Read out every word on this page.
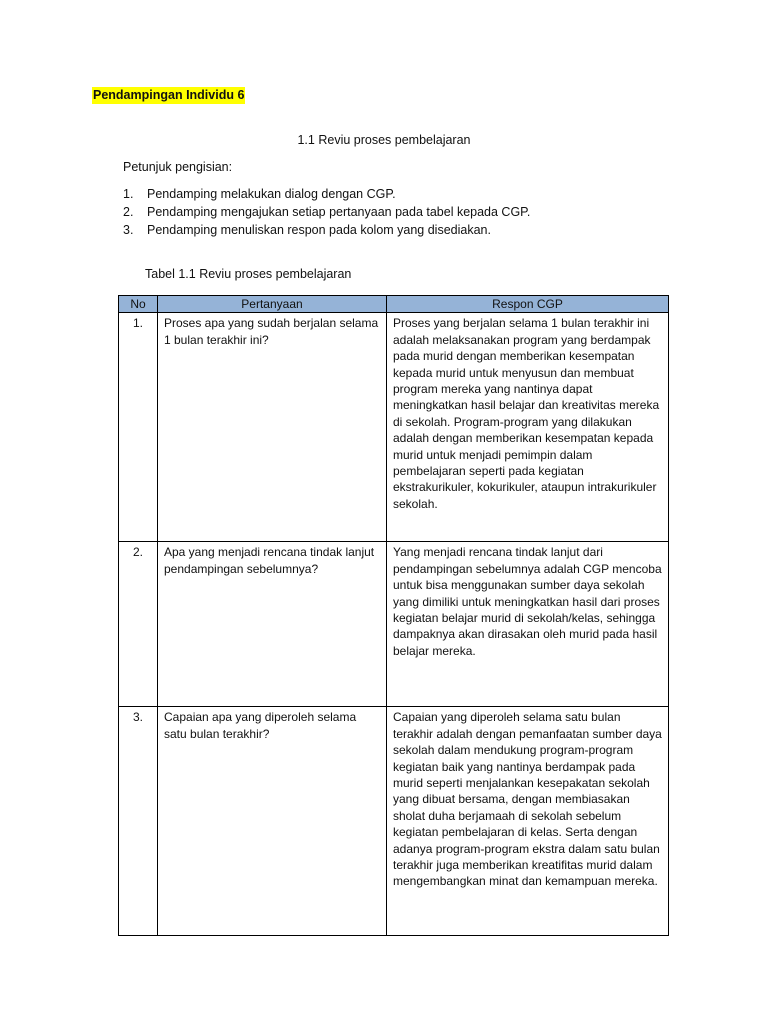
Pendampingan Individu 6
1.1 Reviu proses pembelajaran
Petunjuk pengisian:
1. Pendamping melakukan dialog dengan CGP.
2. Pendamping mengajukan setiap pertanyaan pada tabel kepada CGP.
3. Pendamping menuliskan respon pada kolom yang disediakan.
Tabel 1.1 Reviu proses pembelajaran
No	Pertanyaan	Respon CGP
1.	Proses apa yang sudah berjalan selama 1 bulan terakhir ini?	Proses yang berjalan selama 1 bulan terakhir ini adalah melaksanakan program yang berdampak pada murid dengan memberikan kesempatan kepada murid untuk menyusun dan membuat program mereka yang nantinya dapat meningkatkan hasil belajar dan kreativitas mereka di sekolah. Program-program yang dilakukan adalah dengan memberikan kesempatan kepada murid untuk menjadi pemimpin dalam pembelajaran seperti pada kegiatan ekstrakurikuler, kokurikuler, ataupun intrakurikuler sekolah.
2.	Apa yang menjadi rencana tindak lanjut pendampingan sebelumnya?	Yang menjadi rencana tindak lanjut dari pendampingan sebelumnya adalah CGP mencoba untuk bisa menggunakan sumber daya sekolah yang dimiliki untuk meningkatkan hasil dari proses kegiatan belajar murid di sekolah/kelas, sehingga dampaknya akan dirasakan oleh murid pada hasil belajar mereka.
3.	Capaian apa yang diperoleh selama satu bulan terakhir?	Capaian yang diperoleh selama satu bulan terakhir adalah dengan pemanfaatan sumber daya sekolah dalam mendukung program-program kegiatan baik yang nantinya berdampak pada murid seperti menjalankan kesepakatan sekolah yang dibuat bersama, dengan membiasakan sholat duha berjamaah di sekolah sebelum kegiatan pembelajaran di kelas. Serta dengan adanya program-program ekstra dalam satu bulan terakhir juga memberikan kreatifitas murid dalam mengembangkan minat dan kemampuan mereka.
